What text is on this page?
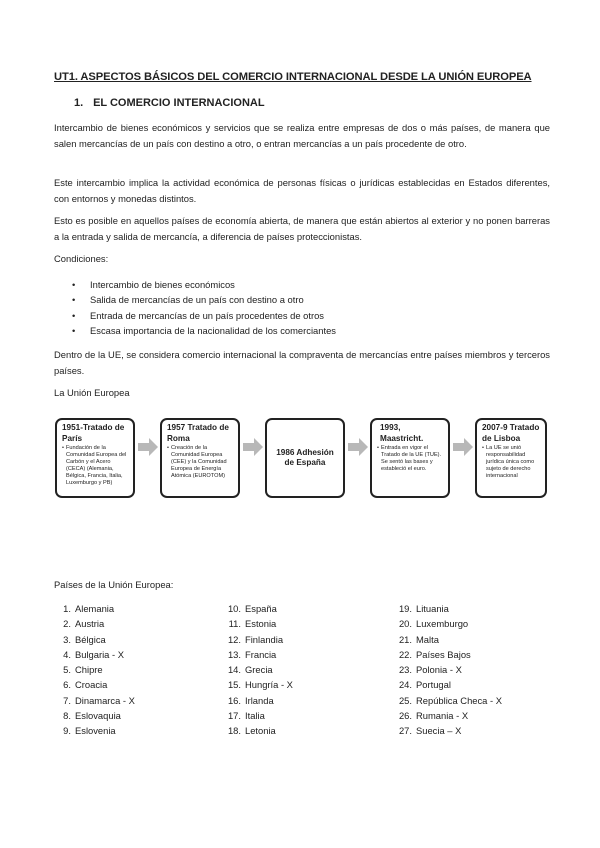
UT1. ASPECTOS BÁSICOS DEL COMERCIO INTERNACIONAL DESDE LA UNIÓN EUROPEA
1. EL COMERCIO INTERNACIONAL
Intercambio de bienes económicos y servicios que se realiza entre empresas de dos o más países, de manera que salen mercancías de un país con destino a otro, o entran mercancías a un país procedente de otro.
Este intercambio implica la actividad económica de personas físicas o jurídicas establecidas en Estados diferentes, con entornos y monedas distintos.
Esto es posible en aquellos países de economía abierta, de manera que están abiertos al exterior y no ponen barreras a la entrada y salida de mercancía, a diferencia de países proteccionistas.
Condiciones:
• Intercambio de bienes económicos
• Salida de mercancías de un país con destino a otro
• Entrada de mercancías de un país procedentes de otros
• Escasa importancia de la nacionalidad de los comerciantes
Dentro de la UE, se considera comercio internacional la compraventa de mercancías entre países miembros y terceros países.
La Unión Europea
1951-Tratado de París
• Fundación de la Comunidad Europea del Carbón y el Acero (CECA) (Alemania, Bélgica, Francia, Italia, Luxemburgo y PB)
1957 Tratado de Roma
• Creación de la Comunidad Europea (CEE) y la Comunidad Europea de Energía Atómica (EUROTOM)
1986 Adhesión de España
1993, Maastricht.
• Entrada en vigor el Tratado de la UE (TUE). Se sentó las bases y estableció el euro.
2007-9 Tratado de Lisboa
• La UE se unió responsabilidad jurídica única como sujeto de derecho internacional
Países de la Unión Europea:
1. Alemania
2. Austria
3. Bélgica
4. Bulgaria - X
5. Chipre
6. Croacia
7. Dinamarca - X
8. Eslovaquia
9. Eslovenia
10. España
11. Estonia
12. Finlandia
13. Francia
14. Grecia
15. Hungría - X
16. Irlanda
17. Italia
18. Letonia
19. Lituania
20. Luxemburgo
21. Malta
22. Países Bajos
23. Polonia - X
24. Portugal
25. República Checa - X
26. Rumania - X
27. Suecia – X
